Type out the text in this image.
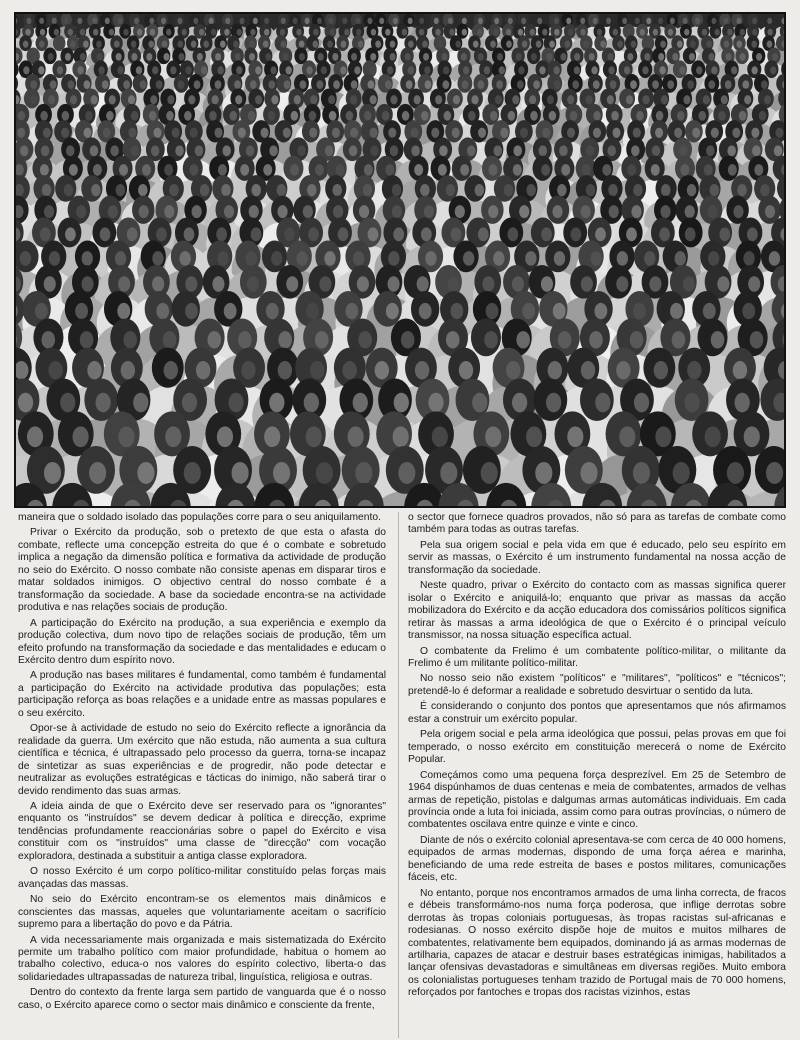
maneira que o soldado isolado das populações corre para o seu aniquilamento.

Privar o Exército da produção, sob o pretexto de que esta o afasta do combate, reflecte uma concepção estreita do que é o combate e sobretudo implica a negação da dimensão política e formativa da actividade de produção no seio do Exército. O nosso combate não consiste apenas em disparar tiros e matar soldados inimigos. O objectivo central do nosso combate é a transformação da sociedade. A base da sociedade encontra-se na actividade produtiva e nas relações sociais de produção.

A participação do Exército na produção, a sua experiência e exemplo da produção colectiva, dum novo tipo de relações sociais de produção, têm um efeito profundo na transformação da sociedade e das mentalidades e educam o Exército dentro dum espírito novo.

A produção nas bases militares é fundamental, como também é fundamental a participação do Exército na actividade produtiva das populações; esta participação reforça as boas relações e a unidade entre as massas populares e o seu exército.

Opor-se à actividade de estudo no seio do Exército reflecte a ignorância da realidade da guerra. Um exército que não estuda, não aumenta a sua cultura científica e técnica, é ultrapassado pelo processo da guerra, torna-se incapaz de sintetizar as suas experiências e de progredir, não pode detectar e neutralizar as evoluções estratégicas e tácticas do inimigo, não saberá tirar o devido rendimento das suas armas.

A ideia ainda de que o Exército deve ser reservado para os "ignorantes" enquanto os "instruídos" se devem dedicar à política e direcção, exprime tendências profundamente reaccionárias sobre o papel do Exército e visa constituir com os "instruídos" uma classe de "direcção" com vocação exploradora, destinada a substituir a antiga classe exploradora.

O nosso Exército é um corpo político-militar constituído pelas forças mais avançadas das massas.

No seio do Exército encontram-se os elementos mais dinâmicos e conscientes das massas, aqueles que voluntariamente aceitam o sacrifício supremo para a libertação do povo e da Pátria.

A vida necessariamente mais organizada e mais sistematizada do Exército permite um trabalho político com maior profundidade, habitua o homem ao trabalho colectivo, educa-o nos valores do espírito colectivo, liberta-o das solidariedades ultrapassadas de natureza tribal, linguística, religiosa e outras.

Dentro do contexto da frente larga sem partido de vanguarda que é o nosso caso, o Exército aparece como o sector mais dinâmico e consciente da frente,

o sector que fornece quadros provados, não só para as tarefas de combate como também para todas as outras tarefas.

Pela sua origem social e pela vida em que é educado, pelo seu espírito em servir as massas, o Exército é um instrumento fundamental na nossa acção de transformação da sociedade.

Neste quadro, privar o Exército do contacto com as massas significa querer isolar o Exército e aniquilá-lo; enquanto que privar as massas da acção mobilizadora do Exército e da acção educadora dos comissários políticos significa retirar às massas a arma ideológica de que o Exército é o principal veículo transmissor, na nossa situação específica actual.

O combatente da Frelimo é um combatente político-militar, o militante da Frelimo é um militante político-militar.

No nosso seio não existem "políticos" e "militares", "políticos" e "técnicos"; pretendê-lo é deformar a realidade e sobretudo desvirtuar o sentido da luta.

É considerando o conjunto dos pontos que apresentamos que nós afirmamos estar a construir um exército popular.

Pela origem social e pela arma ideológica que possui, pelas provas em que foi temperado, o nosso exército em constituição merecerá o nome de Exército Popular.

Começámos como uma pequena força desprezível. Em 25 de Setembro de 1964 dispúnhamos de duas centenas e meia de combatentes, armados de velhas armas de repetição, pistolas e dalgumas armas automáticas individuais. Em cada província onde a luta foi iniciada, assim como para outras províncias, o número de combatentes oscilava entre quinze e vinte e cinco.

Diante de nós o exército colonial apresentava-se com cerca de 40 000 homens, equipados de armas modernas, dispondo de uma força aérea e marinha, beneficiando de uma rede estreita de bases e postos militares, comunicações fáceis, etc.

No entanto, porque nos encontramos armados de uma linha correcta, de fracos e débeis transformámo-nos numa força poderosa, que inflige derrotas sobre derrotas às tropas coloniais portuguesas, às tropas racistas sul-africanas e rodesianas. O nosso exército dispõe hoje de muitos e muitos milhares de combatentes, relativamente bem equipados, dominando já as armas modernas de artilharia, capazes de atacar e destruir bases estratégicas inimigas, habilitados a lançar ofensivas devastadoras e simultâneas em diversas regiões. Muito embora os colonialistas portugueses tenham trazido de Portugal mais de 70 000 homens, reforçados por fantoches e tropas dos racistas vizinhos, estas
